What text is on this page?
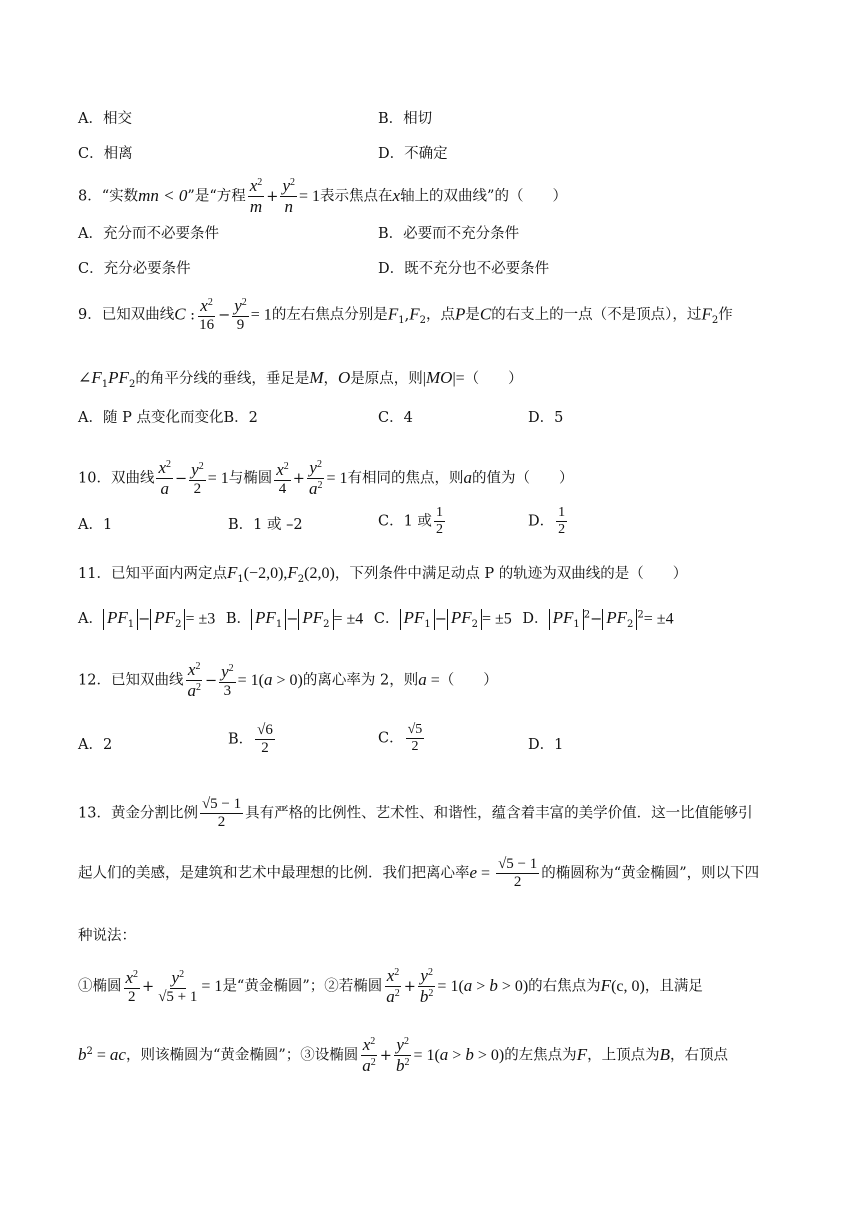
A．相交	B．相切
C．相离	D．不确定
8．“实数mn < 0”是“方程 $\frac{x^2}{m} + \frac{y^2}{n} = 1$表示焦点在x轴上的双曲线”的（　　）
A．充分而不必要条件	B．必要而不充分条件
C．充分必要条件	D．既不充分也不必要条件
9．已知双曲线C : $\frac{x^2}{16} - \frac{y^2}{9} = 1$的左右焦点分别是$F_1,F_2$，点P是C的右支上的一点（不是顶点），过$F_2$作
$\angle F_1PF_2$的角平分线的垂线，垂足是M，O是原点，则|MO|=（　　）
A．随 P 点变化而变化B．2	C．4	D．5
10．双曲线 $\frac{x^2}{a} - \frac{y^2}{2} = 1$与椭圆 $\frac{x^2}{4} + \frac{y^2}{a^2} = 1$有相同的焦点，则a的值为（　　）
A．1	B．1 或 –2	C．1 或 $\frac{1}{2}$	D． $\frac{1}{2}$
11．已知平面内两定点$F_1(-2,0),F_2(2,0)$，下列条件中满足动点 P 的轨迹为双曲线的是（　　）
A． $PF_1 - PF_2 = \pm 3$ B． $PF_1 - PF_2 = \pm 4$ C． $PF_1 - PF_2 = \pm 5$ D． $PF_1^2- PF_2^2= \pm 4$
12．已知双曲线 $\frac{x^2}{a^2} - \frac{y^2}{3} = 1(a > 0)$的离心率为 2，则a =（　　）
A．2	B． $\frac{√6}{2}$	C． $\frac{√5}{2}$	D．1
13．黄金分割比例 $\frac{√5 - 1}{2}$ 具有严格的比例性、艺术性、和谐性，蕴含着丰富的美学价值．这一比值能够引
起人们的美感，是建筑和艺术中最理想的比例．我们把离心率$e = \frac{√5 - 1}{2}$ 的椭圆称为“黄金椭圆”，则以下四
种说法：
①椭圆 $\frac{x^2}{2} + \frac{y^2}{√5 + 1} = 1$是“黄金椭圆”；②若椭圆 $\frac{x^2}{a^2} + \frac{y^2}{b^2} = 1(a > b > 0)$的右焦点为F(c, 0)，且满足
$b^2$ = ac，则该椭圆为“黄金椭圆”；③设椭圆 $\frac{x^2}{a^2} + \frac{y^2}{b^2} = 1(a > b > 0)$的左焦点为F，上顶点为B，右顶点
